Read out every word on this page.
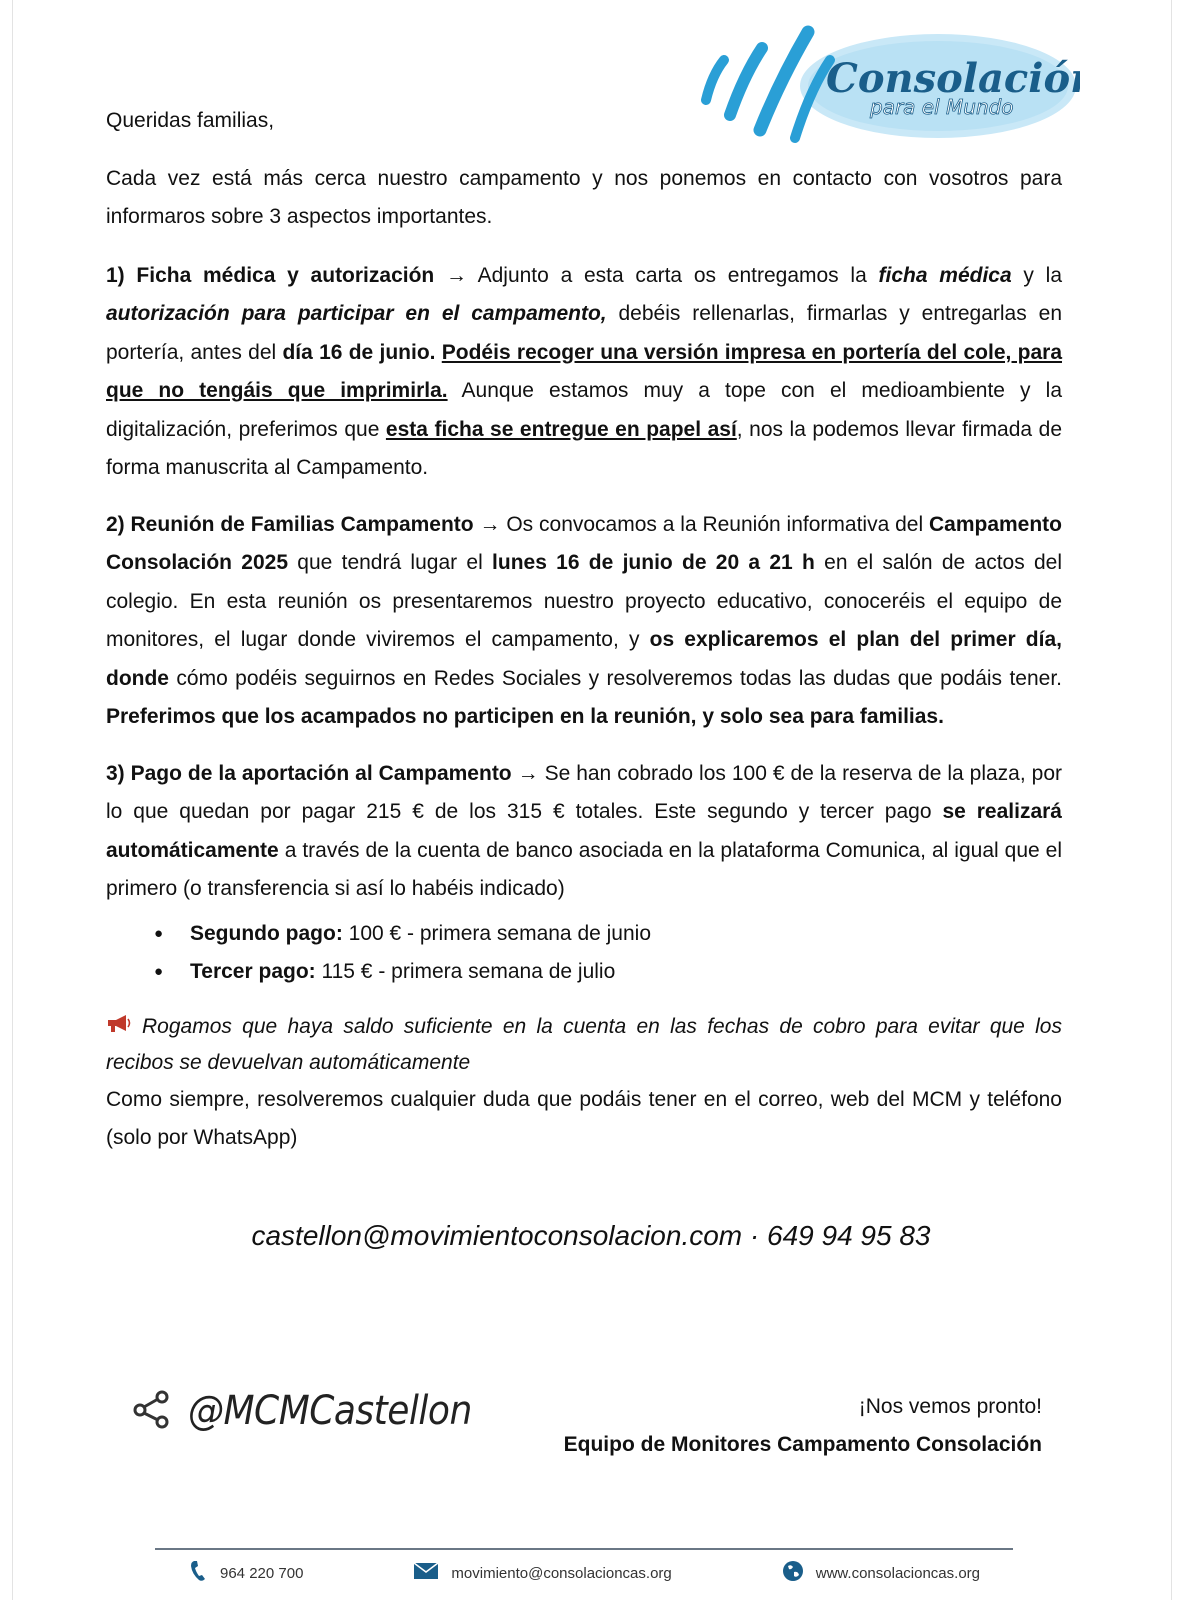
Consolación
para el Mundo

Queridas familias,

Cada vez está más cerca nuestro campamento y nos ponemos en contacto con vosotros para informaros sobre 3 aspectos importantes.

1) Ficha médica y autorización → Adjunto a esta carta os entregamos la ficha médica y la autorización para participar en el campamento, debéis rellenarlas, firmarlas y entregarlas en portería, antes del día 16 de junio. Podéis recoger una versión impresa en portería del cole, para que no tengáis que imprimirla. Aunque estamos muy a tope con el medioambiente y la digitalización, preferimos que esta ficha se entregue en papel así, nos la podemos llevar firmada de forma manuscrita al Campamento.

2) Reunión de Familias Campamento → Os convocamos a la Reunión informativa del Campamento Consolación 2025 que tendrá lugar el lunes 16 de junio de 20 a 21 h en el salón de actos del colegio. En esta reunión os presentaremos nuestro proyecto educativo, conoceréis el equipo de monitores, el lugar donde viviremos el campamento, y os explicaremos el plan del primer día, donde cómo podéis seguirnos en Redes Sociales y resolveremos todas las dudas que podáis tener. Preferimos que los acampados no participen en la reunión, y solo sea para familias.

3) Pago de la aportación al Campamento → Se han cobrado los 100 € de la reserva de la plaza, por lo que quedan por pagar 215 € de los 315 € totales. Este segundo y tercer pago se realizará automáticamente a través de la cuenta de banco asociada en la plataforma Comunica, al igual que el primero (o transferencia si así lo habéis indicado)

● Segundo pago: 100 € - primera semana de junio
● Tercer pago: 115 € - primera semana de julio

Rogamos que haya saldo suficiente en la cuenta en las fechas de cobro para evitar que los recibos se devuelvan automáticamente

Como siempre, resolveremos cualquier duda que podáis tener en el correo, web del MCM y teléfono (solo por WhatsApp)

castellon@movimientoconsolacion.com · 649 94 95 83
@MCMCastellon	¡Nos vemos pronto!
Equipo de Monitores Campamento Consolación
964 220 700	movimiento@consolacioncas.org	www.consolacioncas.org
